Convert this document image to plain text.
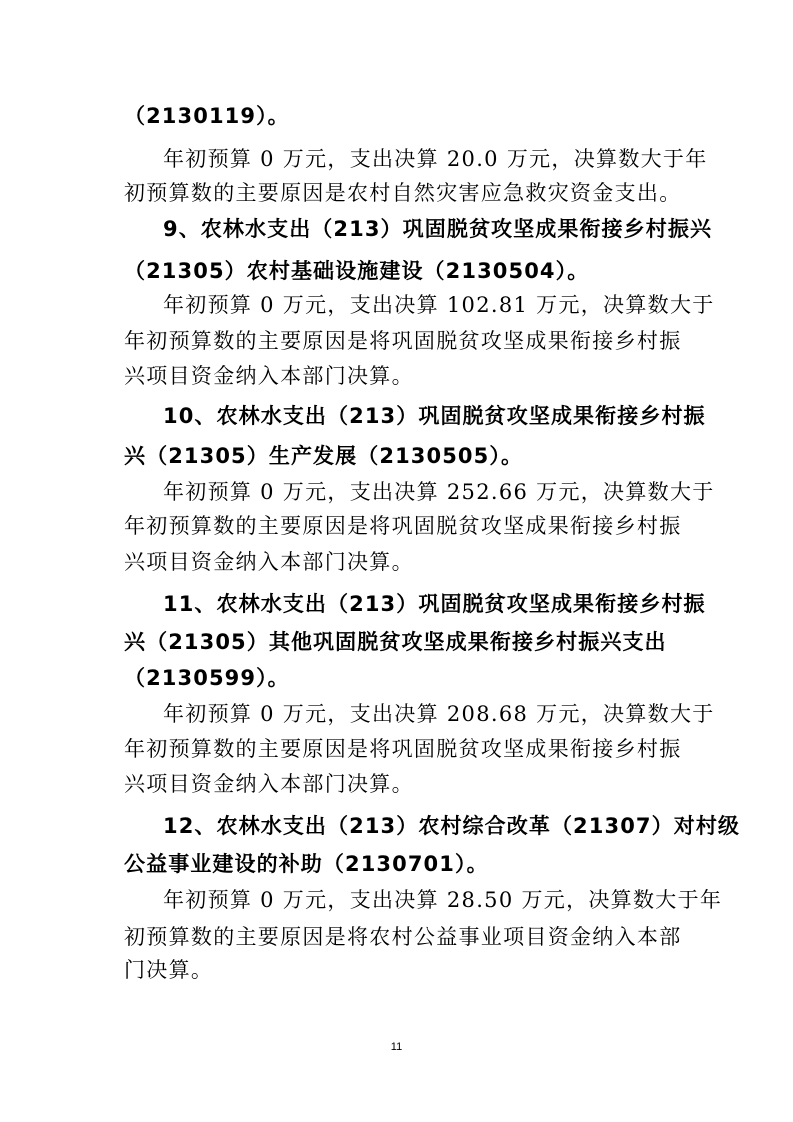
（2130119）。
年初预算 0 万元，支出决算 20.0 万元，决算数大于年
初预算数的主要原因是农村自然灾害应急救灾资金支出。
9、农林水支出（213）巩固脱贫攻坚成果衔接乡村振兴
（21305）农村基础设施建设（2130504）。
年初预算 0 万元，支出决算 102.81 万元，决算数大于
年初预算数的主要原因是将巩固脱贫攻坚成果衔接乡村振
兴项目资金纳入本部门决算。
10、农林水支出（213）巩固脱贫攻坚成果衔接乡村振
兴（21305）生产发展（2130505）。
年初预算 0 万元，支出决算 252.66 万元，决算数大于
年初预算数的主要原因是将巩固脱贫攻坚成果衔接乡村振
兴项目资金纳入本部门决算。
11、农林水支出（213）巩固脱贫攻坚成果衔接乡村振
兴（21305）其他巩固脱贫攻坚成果衔接乡村振兴支出
（2130599）。
年初预算 0 万元，支出决算 208.68 万元，决算数大于
年初预算数的主要原因是将巩固脱贫攻坚成果衔接乡村振
兴项目资金纳入本部门决算。
12、农林水支出（213）农村综合改革（21307）对村级
公益事业建设的补助（2130701）。
年初预算 0 万元，支出决算 28.50 万元，决算数大于年
初预算数的主要原因是将农村公益事业项目资金纳入本部
门决算。
11
